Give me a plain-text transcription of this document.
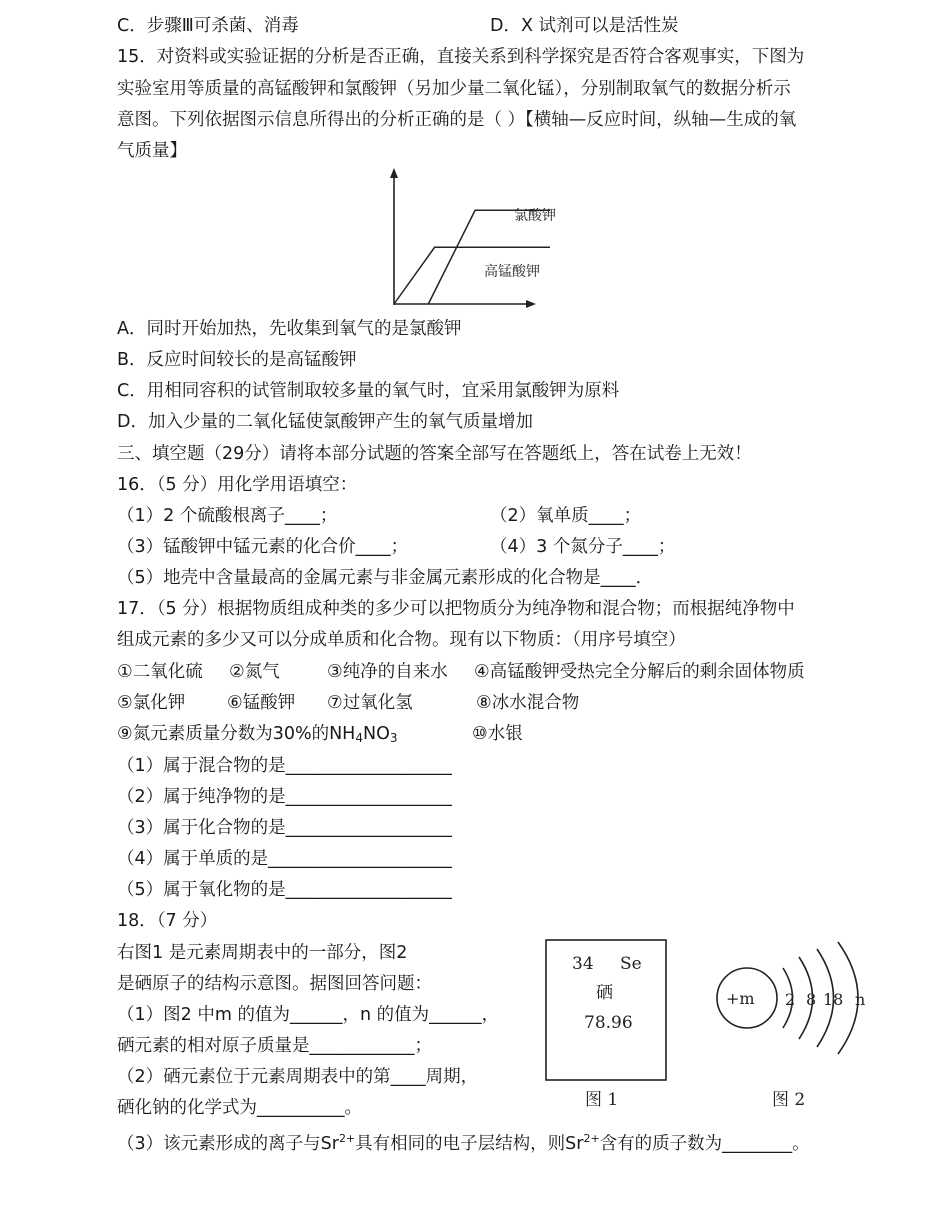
C．步骤Ⅲ可杀菌、消毒	D．X 试剂可以是活性炭
15．对资料或实验证据的分析是否正确，直接关系到科学探究是否符合客观事实，下图为
实验室用等质量的高锰酸钾和氯酸钾（另加少量二氧化锰），分别制取氧气的数据分析示
意图。下列依据图示信息所得出的分析正确的是（ ）【横轴—反应时间，纵轴—生成的氧
气质量】
氯酸钾
高锰酸钾
A．同时开始加热，先收集到氧气的是氯酸钾
B．反应时间较长的是高锰酸钾
C．用相同容积的试管制取较多量的氧气时，宜采用氯酸钾为原料
D．加入少量的二氧化锰使氯酸钾产生的氧气质量增加
三、填空题（29分）请将本部分试题的答案全部写在答题纸上，答在试卷上无效！
16．（5 分）用化学用语填空：
（1）2 个硫酸根离子____；	（2）氧单质____；
（3）锰酸钾中锰元素的化合价____；	（4）3 个氮分子____；
（5）地壳中含量最高的金属元素与非金属元素形成的化合物是____．
17．（5 分）根据物质组成种类的多少可以把物质分为纯净物和混合物；而根据纯净物中
组成元素的多少又可以分成单质和化合物。现有以下物质：（用序号填空）
①二氧化硫 ②氮气	③纯净的自来水 ④高锰酸钾受热完全分解后的剩余固体物质
⑤氯化钾 ⑥锰酸钾 ⑦过氧化氢	⑧冰水混合物
⑨氮元素质量分数为30%的$NH_4NO_3$	⑩水银
（1）属于混合物的是___________________
（2）属于纯净物的是___________________
（3）属于化合物的是___________________
（4）属于单质的是_____________________
（5）属于氧化物的是___________________
18．（7 分）
右图1 是元素周期表中的一部分，图2
是硒原子的结构示意图。据图回答问题：
（1）图2 中m 的值为______，n 的值为______，
硒元素的相对原子质量是____________；
（2）硒元素位于元素周期表中的第____周期，
硒化钠的化学式为__________。
（3）该元素形成的离子与$Sr^{2+}$具有相同的电子层结构，则$Sr^{2+}$含有的质子数为________。
34 Se
硒
78.96
图 1
+m 2 8 18 n
图 2
